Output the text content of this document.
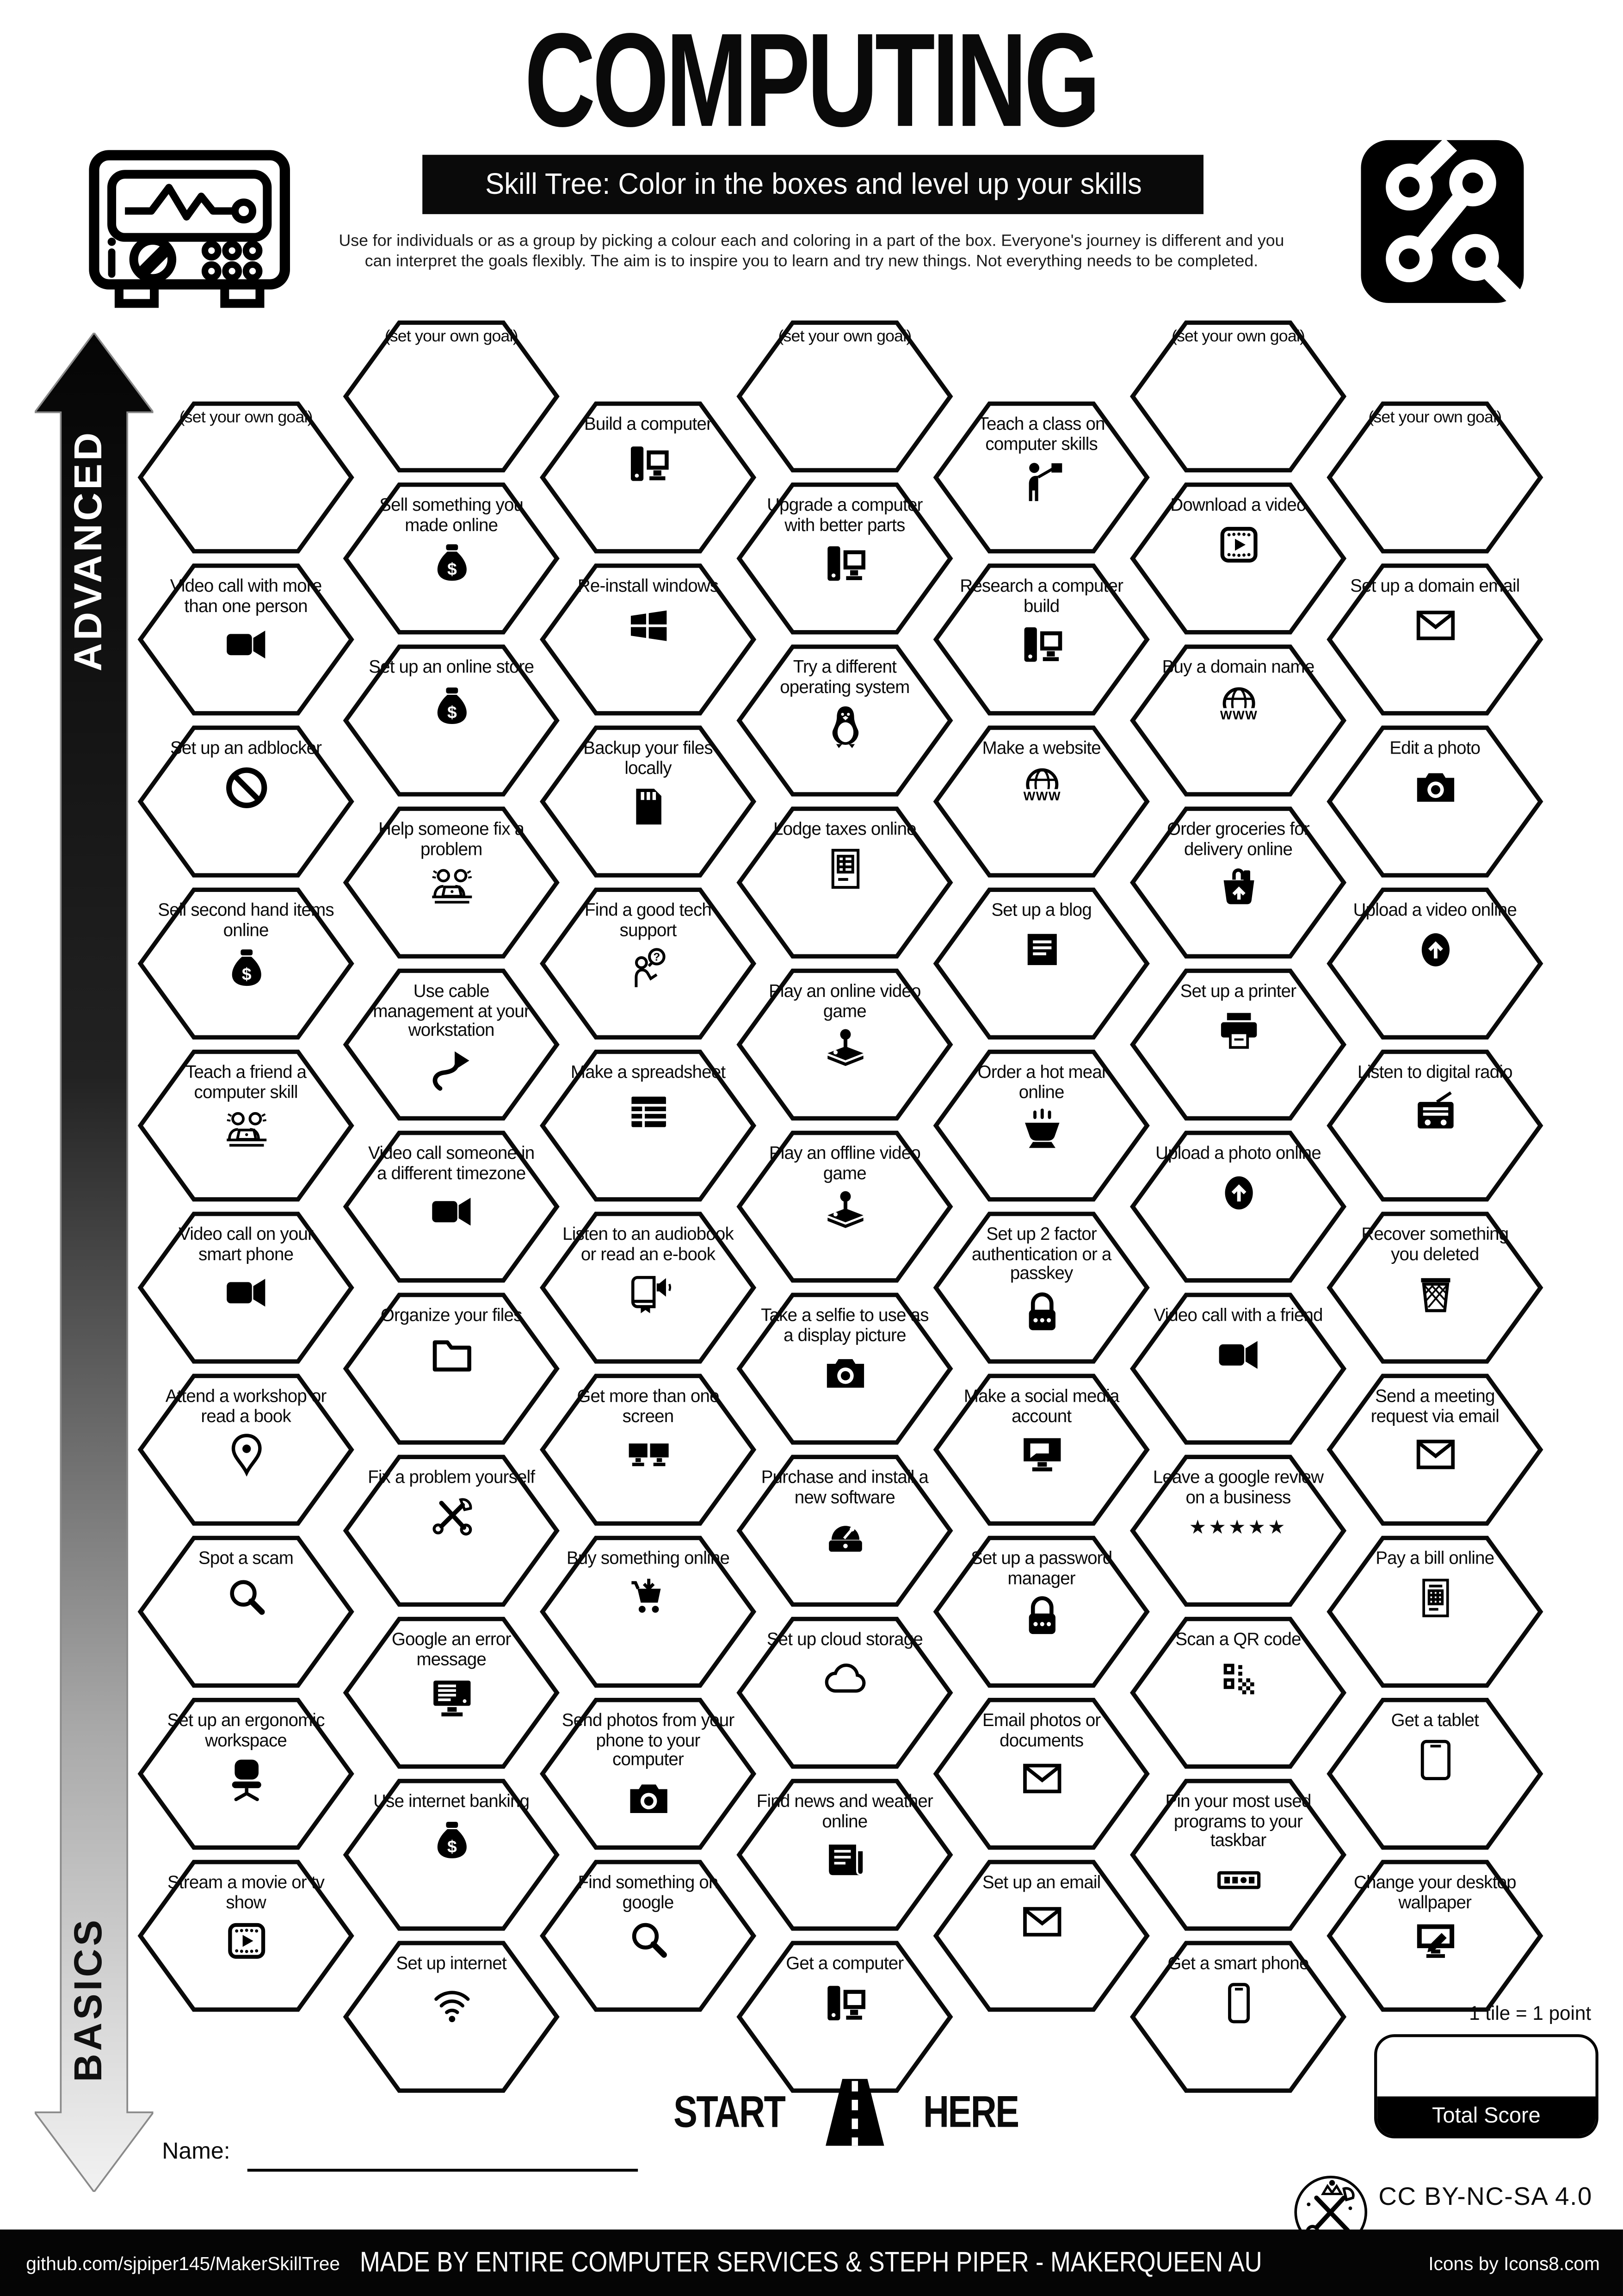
COMPUTING
Skill Tree: Color in the boxes and level up your skills
Use for individuals or as a group by picking a colour each and coloring in a part of the box. Everyone's journey is different and you can interpret the goals flexibly. The aim is to inspire you to learn and try new things. Not everything needs to be completed.
ADVANCED
BASICS
(set your own goal)
Video call with more than one person
Set up an adblocker
Sell second hand items online
$
Teach a friend a computer skill
Video call on your smart phone
Attend a workshop or read a book
Spot a scam
Set up an ergonomic workspace
Stream a movie or tv show
(set your own goal)
Sell something you made online
$
Set up an online store
$
Help someone fix a problem
Use cable management at your workstation
Video call someone in a different timezone
Organize your files
Fix a problem yourself
Google an error message
Use internet banking
$
Set up internet
Build a computer
Re-install windows
Backup your files locally
Find a good tech support
?
Make a spreadsheet
Listen to an audiobook or read an e-book
Get more than one screen
Buy something online
Send photos from your phone to your computer
Find something on google
(set your own goal)
Upgrade a computer with better parts
Try a different operating system
Lodge taxes online
Play an online video game
Play an offline video game
Take a selfie to use as a display picture
Purchase and install a new software
Set up cloud storage
Find news and weather online
Get a computer
Teach a class on computer skills
Research a computer build
Make a website
WWW
Set up a blog
Order a hot meal online
Set up 2 factor authentication or a passkey
Make a social media account
Set up a password manager
Email photos or documents
Set up an email
(set your own goal)
Download a video
Buy a domain name
WWW
Order groceries for delivery online
Set up a printer
Upload a photo online
Video call with a friend
Leave a google review on a business
★★★★★
Scan a QR code
Pin your most used programs to your taskbar
Get a smart phone
(set your own goal)
Set up a domain email
Edit a photo
Upload a video online
Listen to digital radio
Recover something you deleted
Send a meeting request via email
Pay a bill online
Get a tablet
Change your desktop wallpaper
START	HERE
Name:
1 tile = 1 point
Total Score
CC BY-NC-SA 4.0
github.com/sjpiper145/MakerSkillTree MADE BY ENTIRE COMPUTER SERVICES & STEPH PIPER - MAKERQUEEN AU	Icons by Icons8.com
